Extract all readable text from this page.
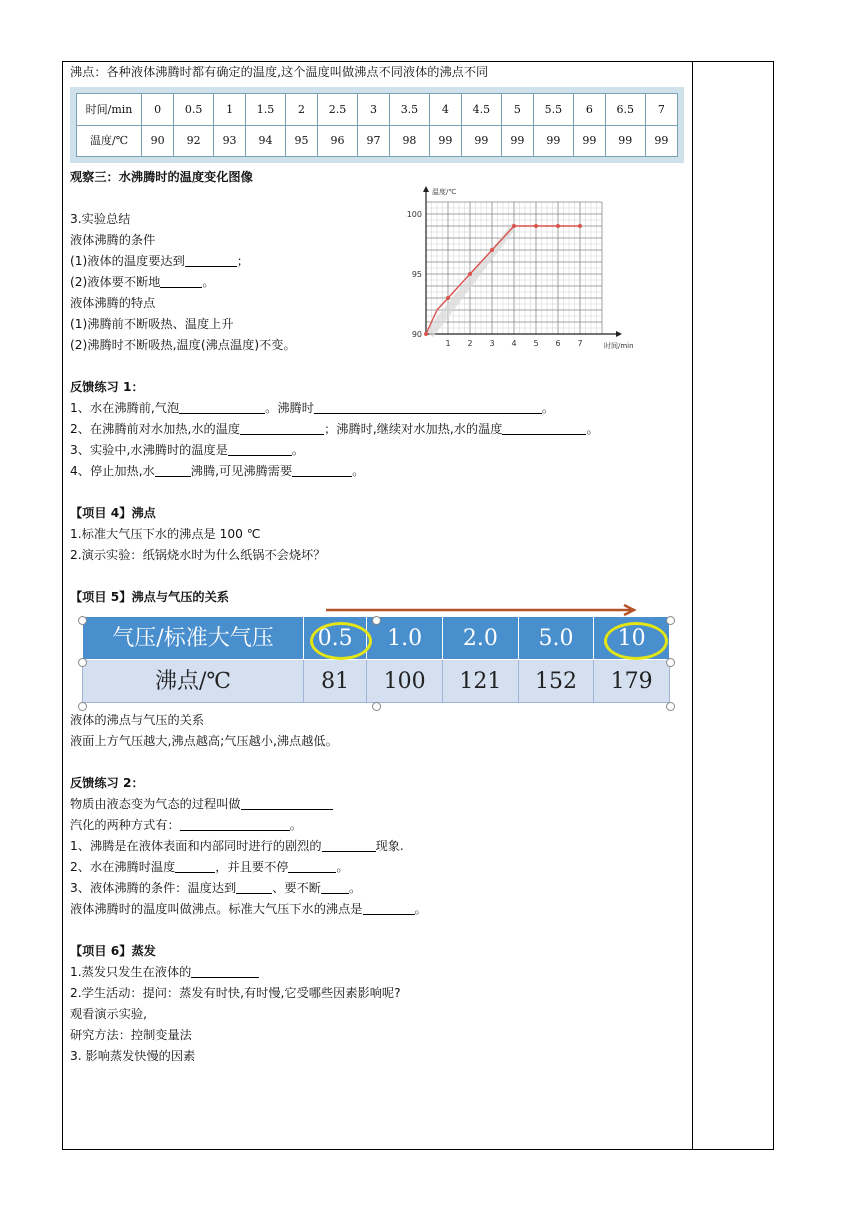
沸点：各种液体沸腾时都有确定的温度,这个温度叫做沸点不同液体的沸点不同
时间/min	0	0.5	1	1.5	2	2.5	3	3.5	4	4.5	5	5.5	6	6.5	7
温度/℃	90	92	93	94	95	96	97	98	99	99	99	99	99	99	99
观察三：水沸腾时的温度变化图像
3.实验总结
液体沸腾的条件
(1)液体的温度要达到	；
(2)液体要不断地	。
液体沸腾的特点
(1)沸腾前不断吸热、温度上升
(2)沸腾时不断吸热,温度(沸点温度)不变。	1 2 3 4 5 6 7
90
95
100
温度/℃
时间/min
反馈练习 1：
1、水在沸腾前,气泡	。沸腾时	。
2、在沸腾前对水加热,水的温度	；沸腾时,继续对水加热,水的温度	。
3、实验中,水沸腾时的温度是	。
4、停止加热,水	沸腾,可见沸腾需要	。
【项目 4】沸点
1.标准大气压下水的沸点是 100 ℃
2.演示实验：纸锅烧水时为什么纸锅不会烧坏？
【项目 5】沸点与气压的关系
气压/标准大气压	0.5	1.0	2.0	5.0	10
沸点/℃	81	100	121	152	179
液体的沸点与气压的关系
液面上方气压越大,沸点越高;气压越小,沸点越低。
反馈练习 2：
物质由液态变为气态的过程叫做
汽化的两种方式有：	。
1、沸腾是在液体表面和内部同时进行的剧烈的	现象.
2、水在沸腾时温度	，并且要不停	。
3、液体沸腾的条件：温度达到	、要不断 。
液体沸腾时的温度叫做沸点。标准大气压下水的沸点是	。
【项目 6】蒸发
1.蒸发只发生在液体的
2.学生活动：提问：蒸发有时快,有时慢,它受哪些因素影响呢?
观看演示实验,
研究方法：控制变量法
3. 影响蒸发快慢的因素
